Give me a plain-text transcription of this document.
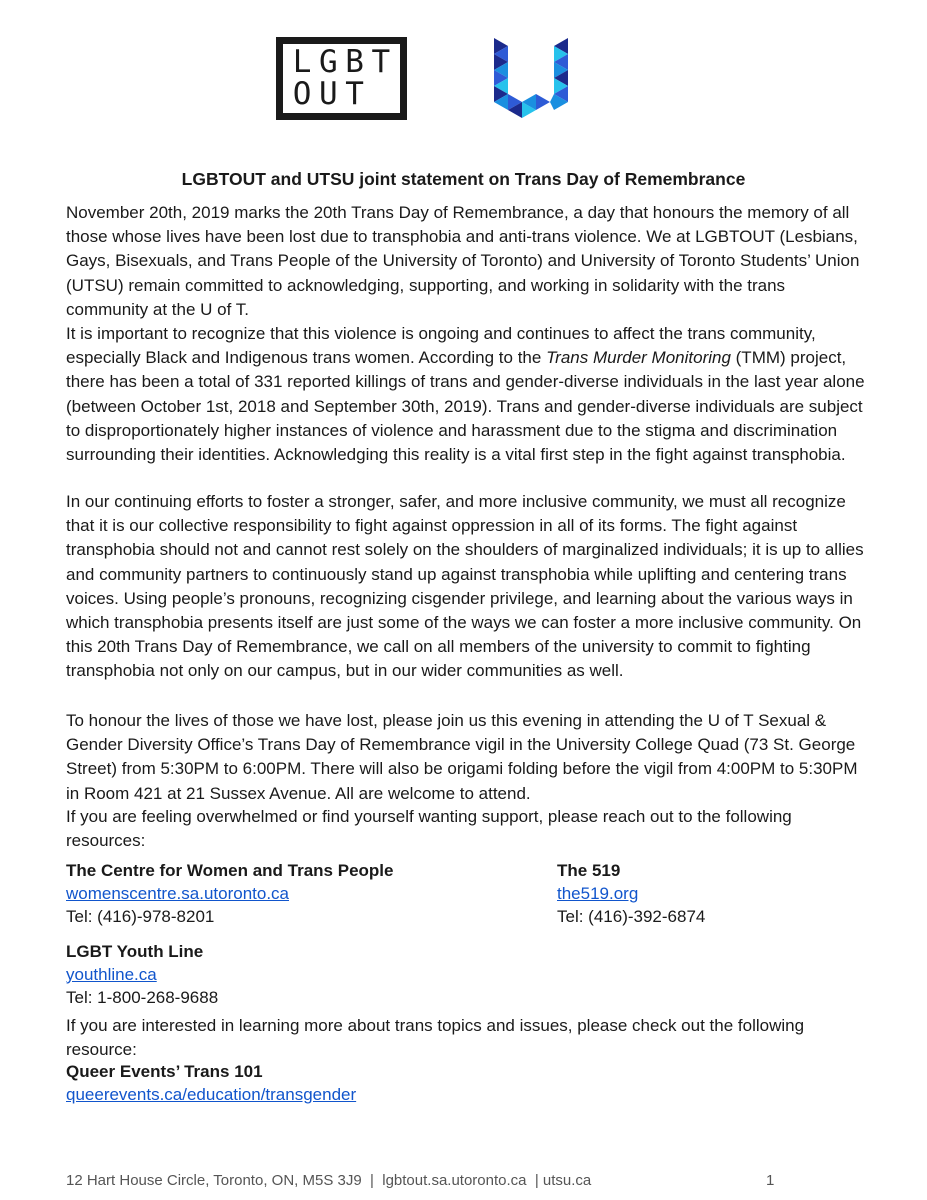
L G B T
O U T
LGBTOUT and UTSU joint statement on Trans Day of Remembrance

November 20th, 2019 marks the 20th Trans Day of Remembrance, a day that honours the memory of all those whose lives have been lost due to transphobia and anti-trans violence. We at LGBTOUT (Lesbians, Gays, Bisexuals, and Trans People of the University of Toronto) and University of Toronto Students’ Union (UTSU) remain committed to acknowledging, supporting, and working in solidarity with the trans community at the U of T.

It is important to recognize that this violence is ongoing and continues to affect the trans community, especially Black and Indigenous trans women. According to the Trans Murder Monitoring (TMM) project, there has been a total of 331 reported killings of trans and gender-diverse individuals in the last year alone (between October 1st, 2018 and September 30th, 2019). Trans and gender-diverse individuals are subject to disproportionately higher instances of violence and harassment due to the stigma and discrimination surrounding their identities. Acknowledging this reality is a vital first step in the fight against transphobia.

In our continuing efforts to foster a stronger, safer, and more inclusive community, we must all recognize that it is our collective responsibility to fight against oppression in all of its forms. The fight against transphobia should not and cannot rest solely on the shoulders of marginalized individuals; it is up to allies and community partners to continuously stand up against transphobia while uplifting and centering trans voices. Using people’s pronouns, recognizing cisgender privilege, and learning about the various ways in which transphobia presents itself are just some of the ways we can foster a more inclusive community. On this 20th Trans Day of Remembrance, we call on all members of the university to commit to fighting transphobia not only on our campus, but in our wider communities as well.

To honour the lives of those we have lost, please join us this evening in attending the U of T Sexual & Gender Diversity Office’s Trans Day of Remembrance vigil in the University College Quad (73 St. George Street) from 5:30PM to 6:00PM. There will also be origami folding before the vigil from 4:00PM to 5:30PM in Room 421 at 21 Sussex Avenue. All are welcome to attend.

If you are feeling overwhelmed or find yourself wanting support, please reach out to the following resources:

The Centre for Women and Trans People
womenscentre.sa.utoronto.ca
Tel: (416)-978-8201
The 519
the519.org
Tel: (416)-392-6874
LGBT Youth Line
youthline.ca
Tel: 1-800-268-9688

If you are interested in learning more about trans topics and issues, please check out the following resource:

Queer Events’ Trans 101
queerevents.ca/education/transgender
12 Hart House Circle, Toronto, ON, M5S 3J9  |  lgbtout.sa.utoronto.ca  | utsu.ca	1
